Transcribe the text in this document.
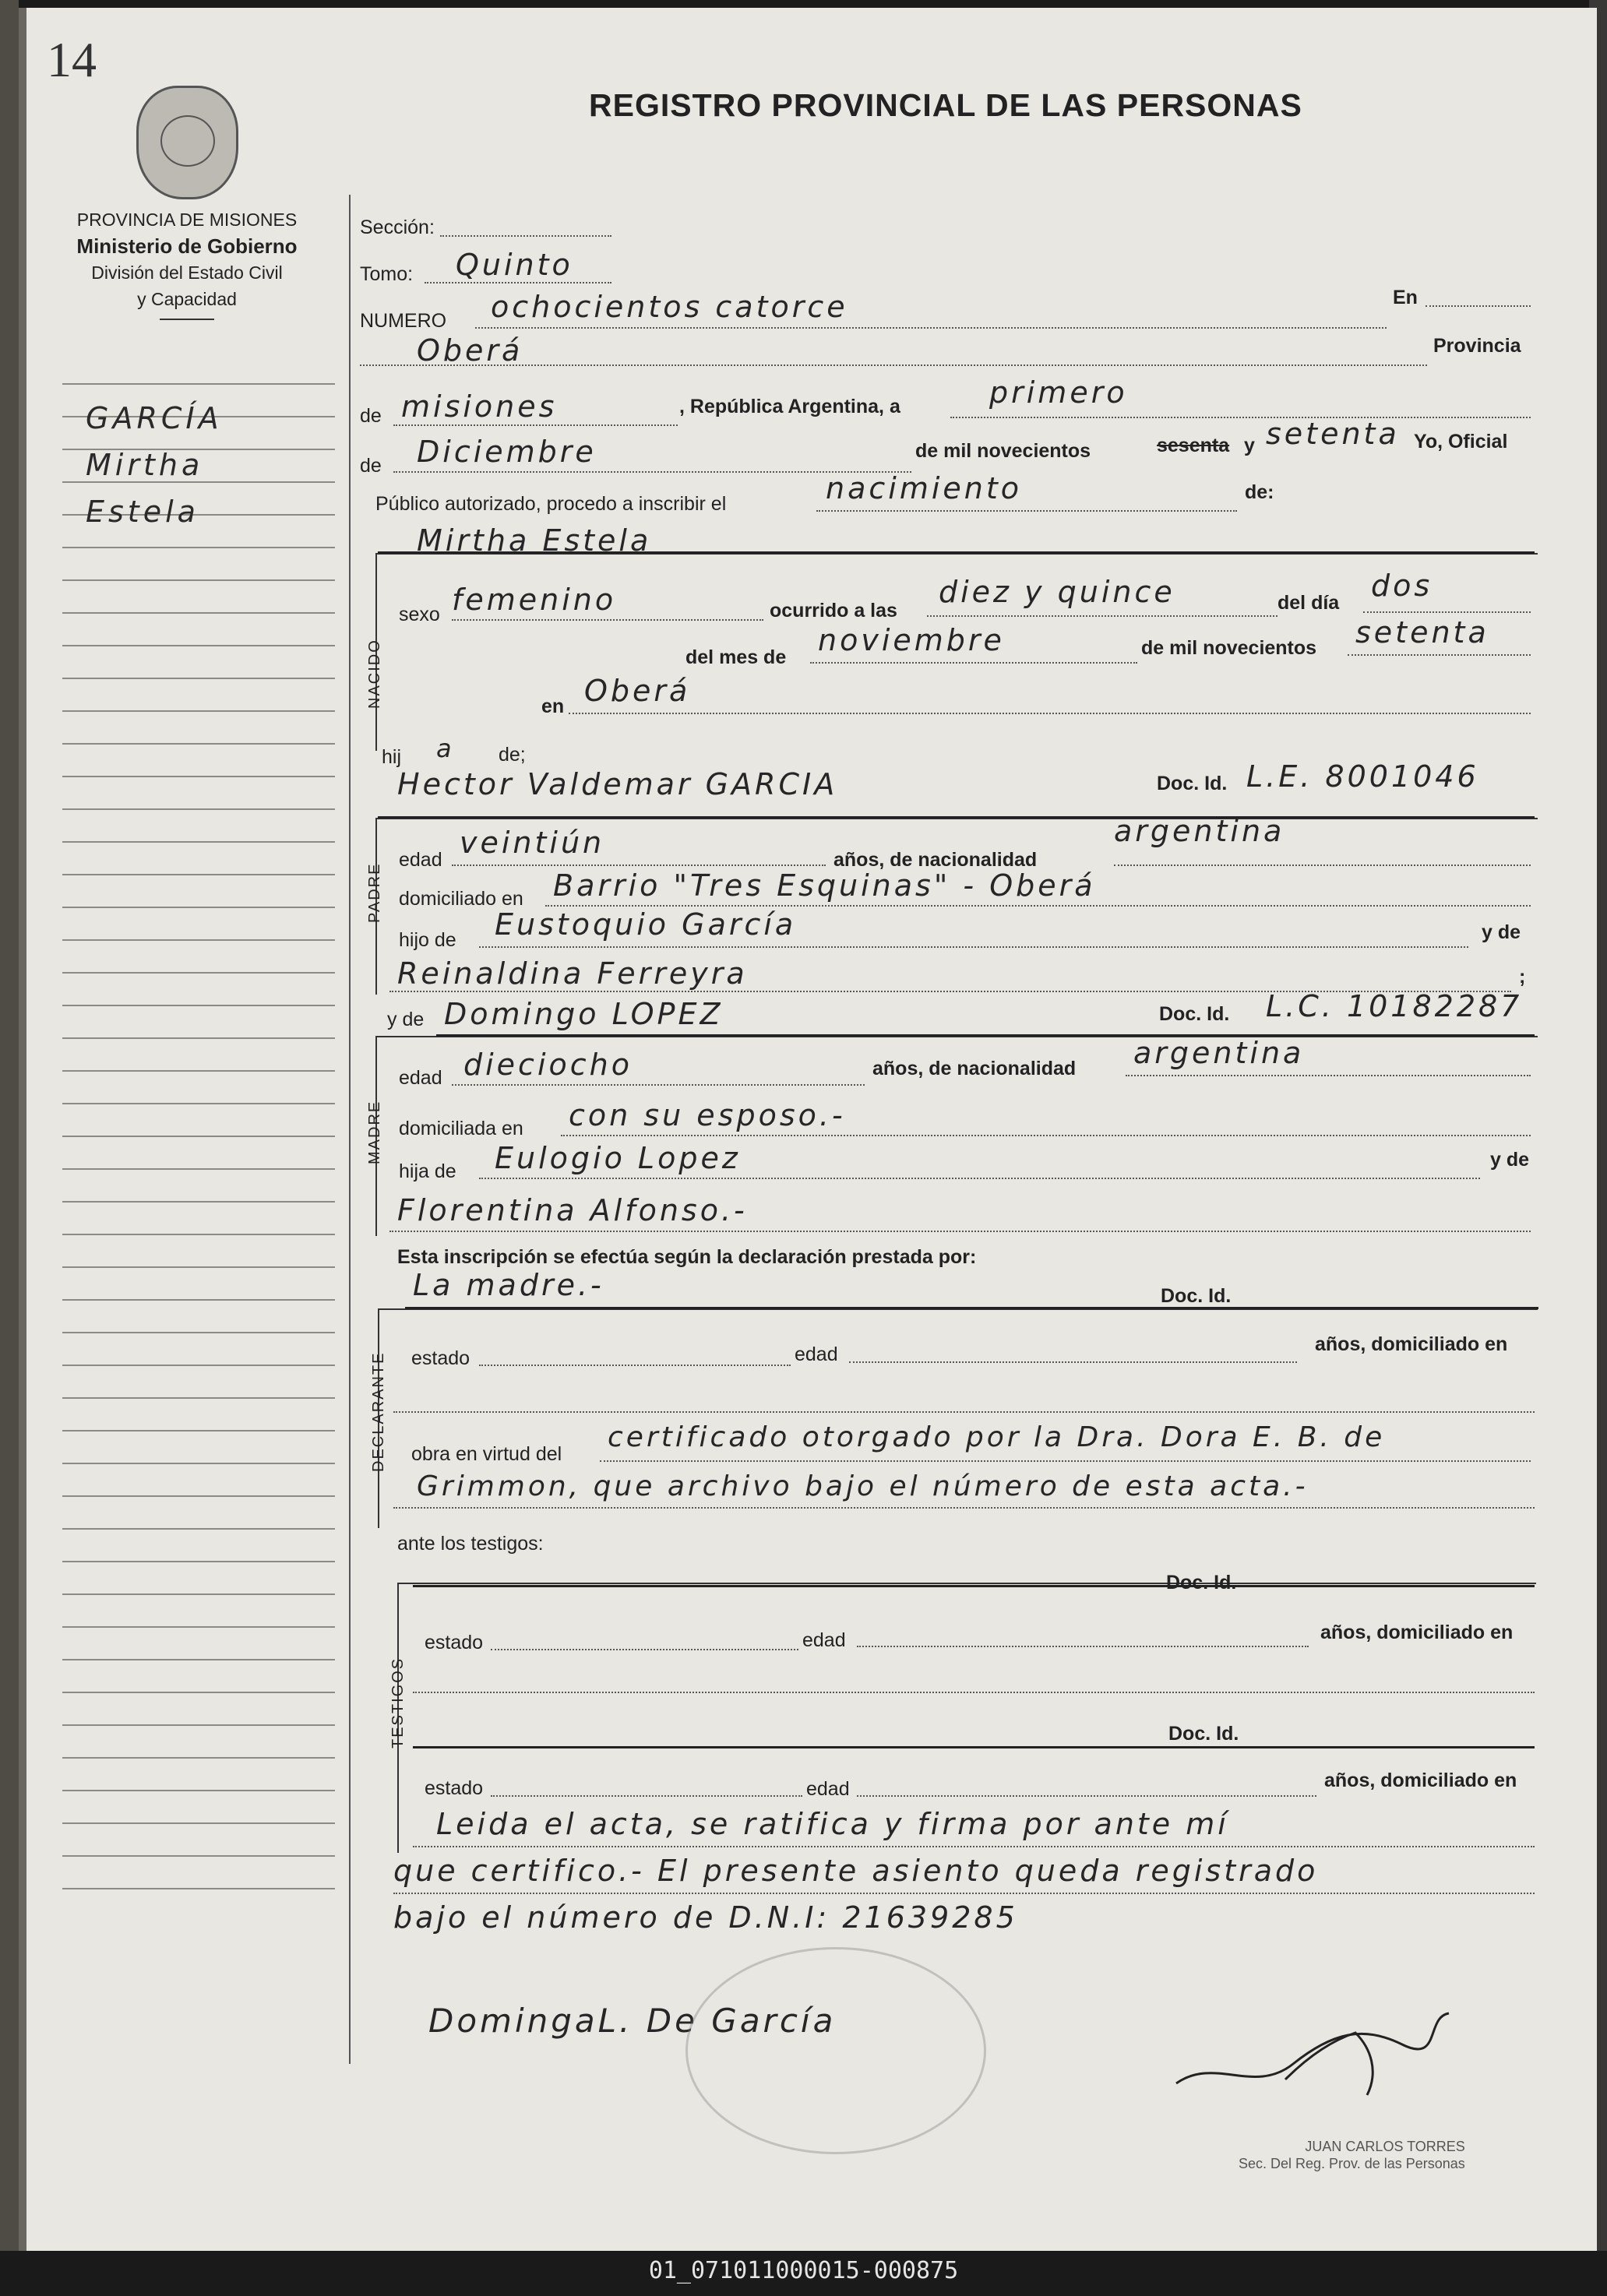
14
REGISTRO PROVINCIAL DE LAS PERSONAS
PROVINCIA DE MISIONES
Ministerio de Gobierno
División del Estado Civil
y Capacidad
GARCÍA
Mirtha
Estela
Sección:
Tomo: Quinto
NUMERO ochocientos catorce	En
Oberá	Provincia
de misiones	, República Argentina, a	primero
de Diciembre	de mil novecientos	sesenta y setenta Yo, Oficial
Público autorizado, procedo a inscribir el	nacimiento	de:
NACIDO
Mirtha Estela
sexo femenino	ocurrido a las
diez y quince	del día dos
del mes de noviembre	de mil novecientos setenta
en Oberá
hij a de;
PADRE
Hector Valdemar GARCIA	Doc. Id. L.E. 8001046
edad veintiún	años, de nacionalidad
argentina
domiciliado en Barrio "Tres Esquinas" - Oberá
hijo de Eustoquio García	y de
Reinaldina Ferreyra	;
MADRE
y de Domingo LOPEZ	Doc. Id. L.C. 10182287
edad dieciocho	años, de nacionalidad argentina
domiciliada en con su esposo.-
hija de Eulogio Lopez	y de
Florentina Alfonso.-
Esta inscripción se efectúa según la declaración prestada por:
DECLARANTE
La madre.-	Doc. Id.
estado	edad	años, domiciliado en
obra en virtud del
certificado otorgado por la Dra. Dora E. B. de
Grimmon, que archivo bajo el número de esta acta.-
ante los testigos:
TESTIGOS
Doc. Id.
estado	edad	años, domiciliado en
Doc. Id.
estado	edad	años, domiciliado en
Leida el acta, se ratifica y firma por ante mí
que certifico.- El presente asiento queda registrado
bajo el número de D.N.I: 21639285
DomingaL. De García
JUAN CARLOS TORRES
Sec. Del Reg. Prov. de las Personas
01_071011000015-000875
